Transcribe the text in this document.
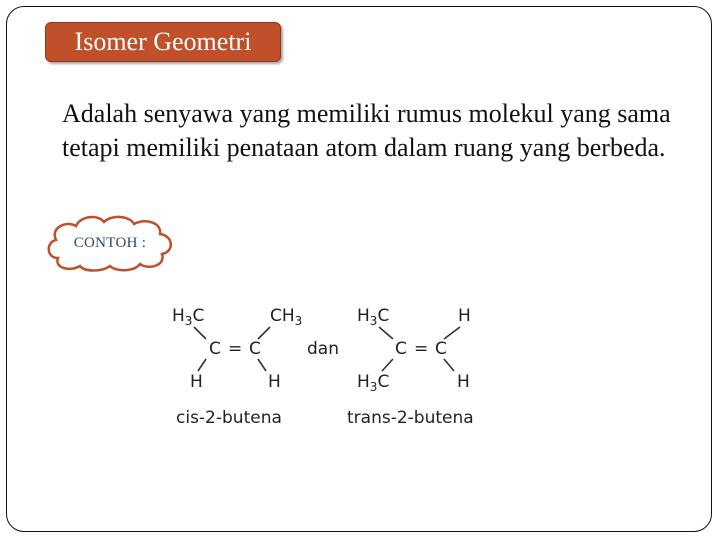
Isomer Geometri
Adalah senyawa yang memiliki rumus molekul yang sama
tetapi memiliki penataan atom dalam ruang yang berbeda.
CONTOH :
$H_3C$	$CH_3$
C = C
H	H
cis-2-butena
dan
$H_3C$	H
C = C
$H_3C$	H
trans-2-butena
